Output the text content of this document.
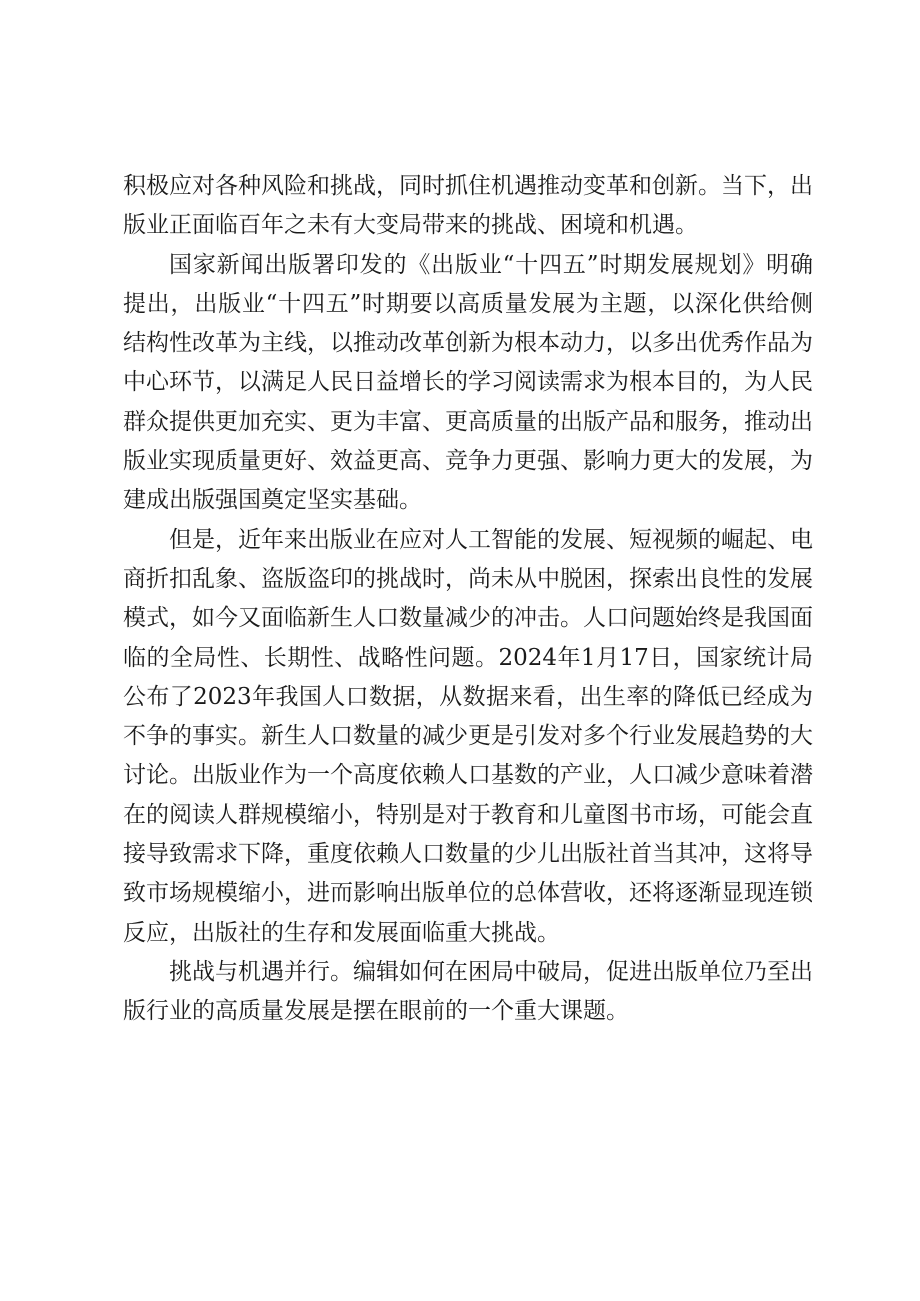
积极应对各种风险和挑战，同时抓住机遇推动变革和创新。当下，出版业正面临百年之未有大变局带来的挑战、困境和机遇。

国家新闻出版署印发的《出版业“十四五”时期发展规划》明确提出，出版业“十四五”时期要以高质量发展为主题，以深化供给侧结构性改革为主线，以推动改革创新为根本动力，以多出优秀作品为中心环节，以满足人民日益增长的学习阅读需求为根本目的，为人民群众提供更加充实、更为丰富、更高质量的出版产品和服务，推动出版业实现质量更好、效益更高、竞争力更强、影响力更大的发展，为建成出版强国奠定坚实基础。

但是，近年来出版业在应对人工智能的发展、短视频的崛起、电商折扣乱象、盗版盗印的挑战时，尚未从中脱困，探索出良性的发展模式，如今又面临新生人口数量减少的冲击。人口问题始终是我国面临的全局性、长期性、战略性问题。2024年1月17日，国家统计局公布了2023年我国人口数据，从数据来看，出生率的降低已经成为不争的事实。新生人口数量的减少更是引发对多个行业发展趋势的大讨论。出版业作为一个高度依赖人口基数的产业，人口减少意味着潜在的阅读人群规模缩小，特别是对于教育和儿童图书市场，可能会直接导致需求下降，重度依赖人口数量的少儿出版社首当其冲，这将导致市场规模缩小，进而影响出版单位的总体营收，还将逐渐显现连锁反应，出版社的生存和发展面临重大挑战。

挑战与机遇并行。编辑如何在困局中破局，促进出版单位乃至出版行业的高质量发展是摆在眼前的一个重大课题。
